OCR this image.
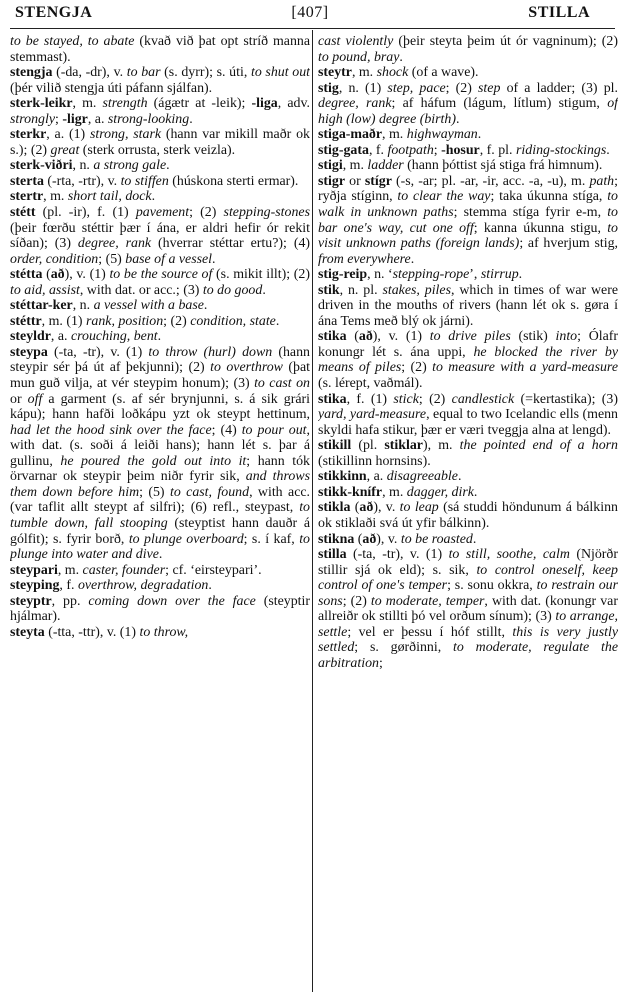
STENGJA	[407]	STILLA

to be stayed, to abate (kvað við þat opt stríð manna stemmast).

stengja (-da, -dr), v. to bar (s. dyrr); s. úti, to shut out (þér vilið stengja úti páfann sjálfan).

sterk-leikr, m. strength (ágætr at -leik); -liga, adv. strongly; -ligr, a. strong-looking.

sterkr, a. (1) strong, stark (hann var mikill maðr ok s.); (2) great (sterk orrusta, sterk veizla).

sterk-viðri, n. a strong gale.

sterta (-rta, -rtr), v. to stiffen (húskona sterti ermar).

stertr, m. short tail, dock.

stétt (pl. -ir), f. (1) pavement; (2) stepping-stones (þeir fœrðu stéttir þær í ána, er aldri hefir ór rekit síðan); (3) degree, rank (hverrar stéttar ertu?); (4) order, condition; (5) base of a vessel.

stétta (að), v. (1) to be the source of (s. mikit illt); (2) to aid, assist, with dat. or acc.; (3) to do good.

stéttar-ker, n. a vessel with a base.

stéttr, m. (1) rank, position; (2) condition, state.

steyldr, a. crouching, bent.

steypa (-ta, -tr), v. (1) to throw (hurl) down (hann steypir sér þá út af þekjunni); (2) to overthrow (þat mun guð vilja, at vér steypim honum); (3) to cast on or off a garment (s. af sér brynjunni, s. á sik grári kápu); hann hafði loðkápu yzt ok steypt hettinum, had let the hood sink over the face; (4) to pour out, with dat. (s. soði á leiði hans); hann lét s. þar á gullinu, he poured the gold out into it; hann tók örvarnar ok steypir þeim niðr fyrir sik, and throws them down before him; (5) to cast, found, with acc. (var taflit allt steypt af silfri); (6) refl., steypast, to tumble down, fall stooping (steyptist hann dauðr á gólfit); s. fyrir borð, to plunge overboard; s. í kaf, to plunge into water and dive.

steypari, m. caster, founder; cf. ‘eirsteypari’.

steyping, f. overthrow, degradation.

steyptr, pp. coming down over the face (steyptir hjálmar).

steyta (-tta, -ttr), v. (1) to throw,

cast violently (þeir steyta þeim út ór vagninum); (2) to pound, bray.

steytr, m. shock (of a wave).

stig, n. (1) step, pace; (2) step of a ladder; (3) pl. degree, rank; af háfum (lágum, lítlum) stigum, of high (low) degree (birth).

stiga-maðr, m. highwayman.

stig-gata, f. footpath; -hosur, f. pl. riding-stockings.

stigi, m. ladder (hann þóttist sjá stiga frá himnum).

stigr or stígr (-s, -ar; pl. -ar, -ir, acc. -a, -u), m. path; ryðja stíginn, to clear the way; taka úkunna stíga, to walk in unknown paths; stemma stíga fyrir e-m, to bar one's way, cut one off; kanna úkunna stigu, to visit unknown paths (foreign lands); af hverjum stig, from everywhere.

stig-reip, n. ‘stepping-rope’, stirrup.

stik, n. pl. stakes, piles, which in times of war were driven in the mouths of rivers (hann lét ok s. gøra í ána Tems með blý ok járni).

stika (að), v. (1) to drive piles (stik) into; Ólafr konungr lét s. ána uppi, he blocked the river by means of piles; (2) to measure with a yard-measure (s. lérept, vaðmál).

stika, f. (1) stick; (2) candlestick (=kertastika); (3) yard, yard-measure, equal to two Icelandic ells (menn skyldi hafa stikur, þær er væri tveggja alna at lengd).

stikill (pl. stiklar), m. the pointed end of a horn (stikillinn hornsins).

stikkinn, a. disagreeable.

stikk-knífr, m. dagger, dirk.

stikla (að), v. to leap (sá studdi höndunum á bálkinn ok stiklaði svá út yfir bálkinn).

stikna (að), v. to be roasted.

stilla (-ta, -tr), v. (1) to still, soothe, calm (Njörðr stillir sjá ok eld); s. sik, to control oneself, keep control of one's temper; s. sonu okkra, to restrain our sons; (2) to moderate, temper, with dat. (konungr var allreiðr ok stillti þó vel orðum sínum); (3) to arrange, settle; vel er þessu í hóf stillt, this is very justly settled; s. gørðinni, to moderate, regulate the arbitration;
